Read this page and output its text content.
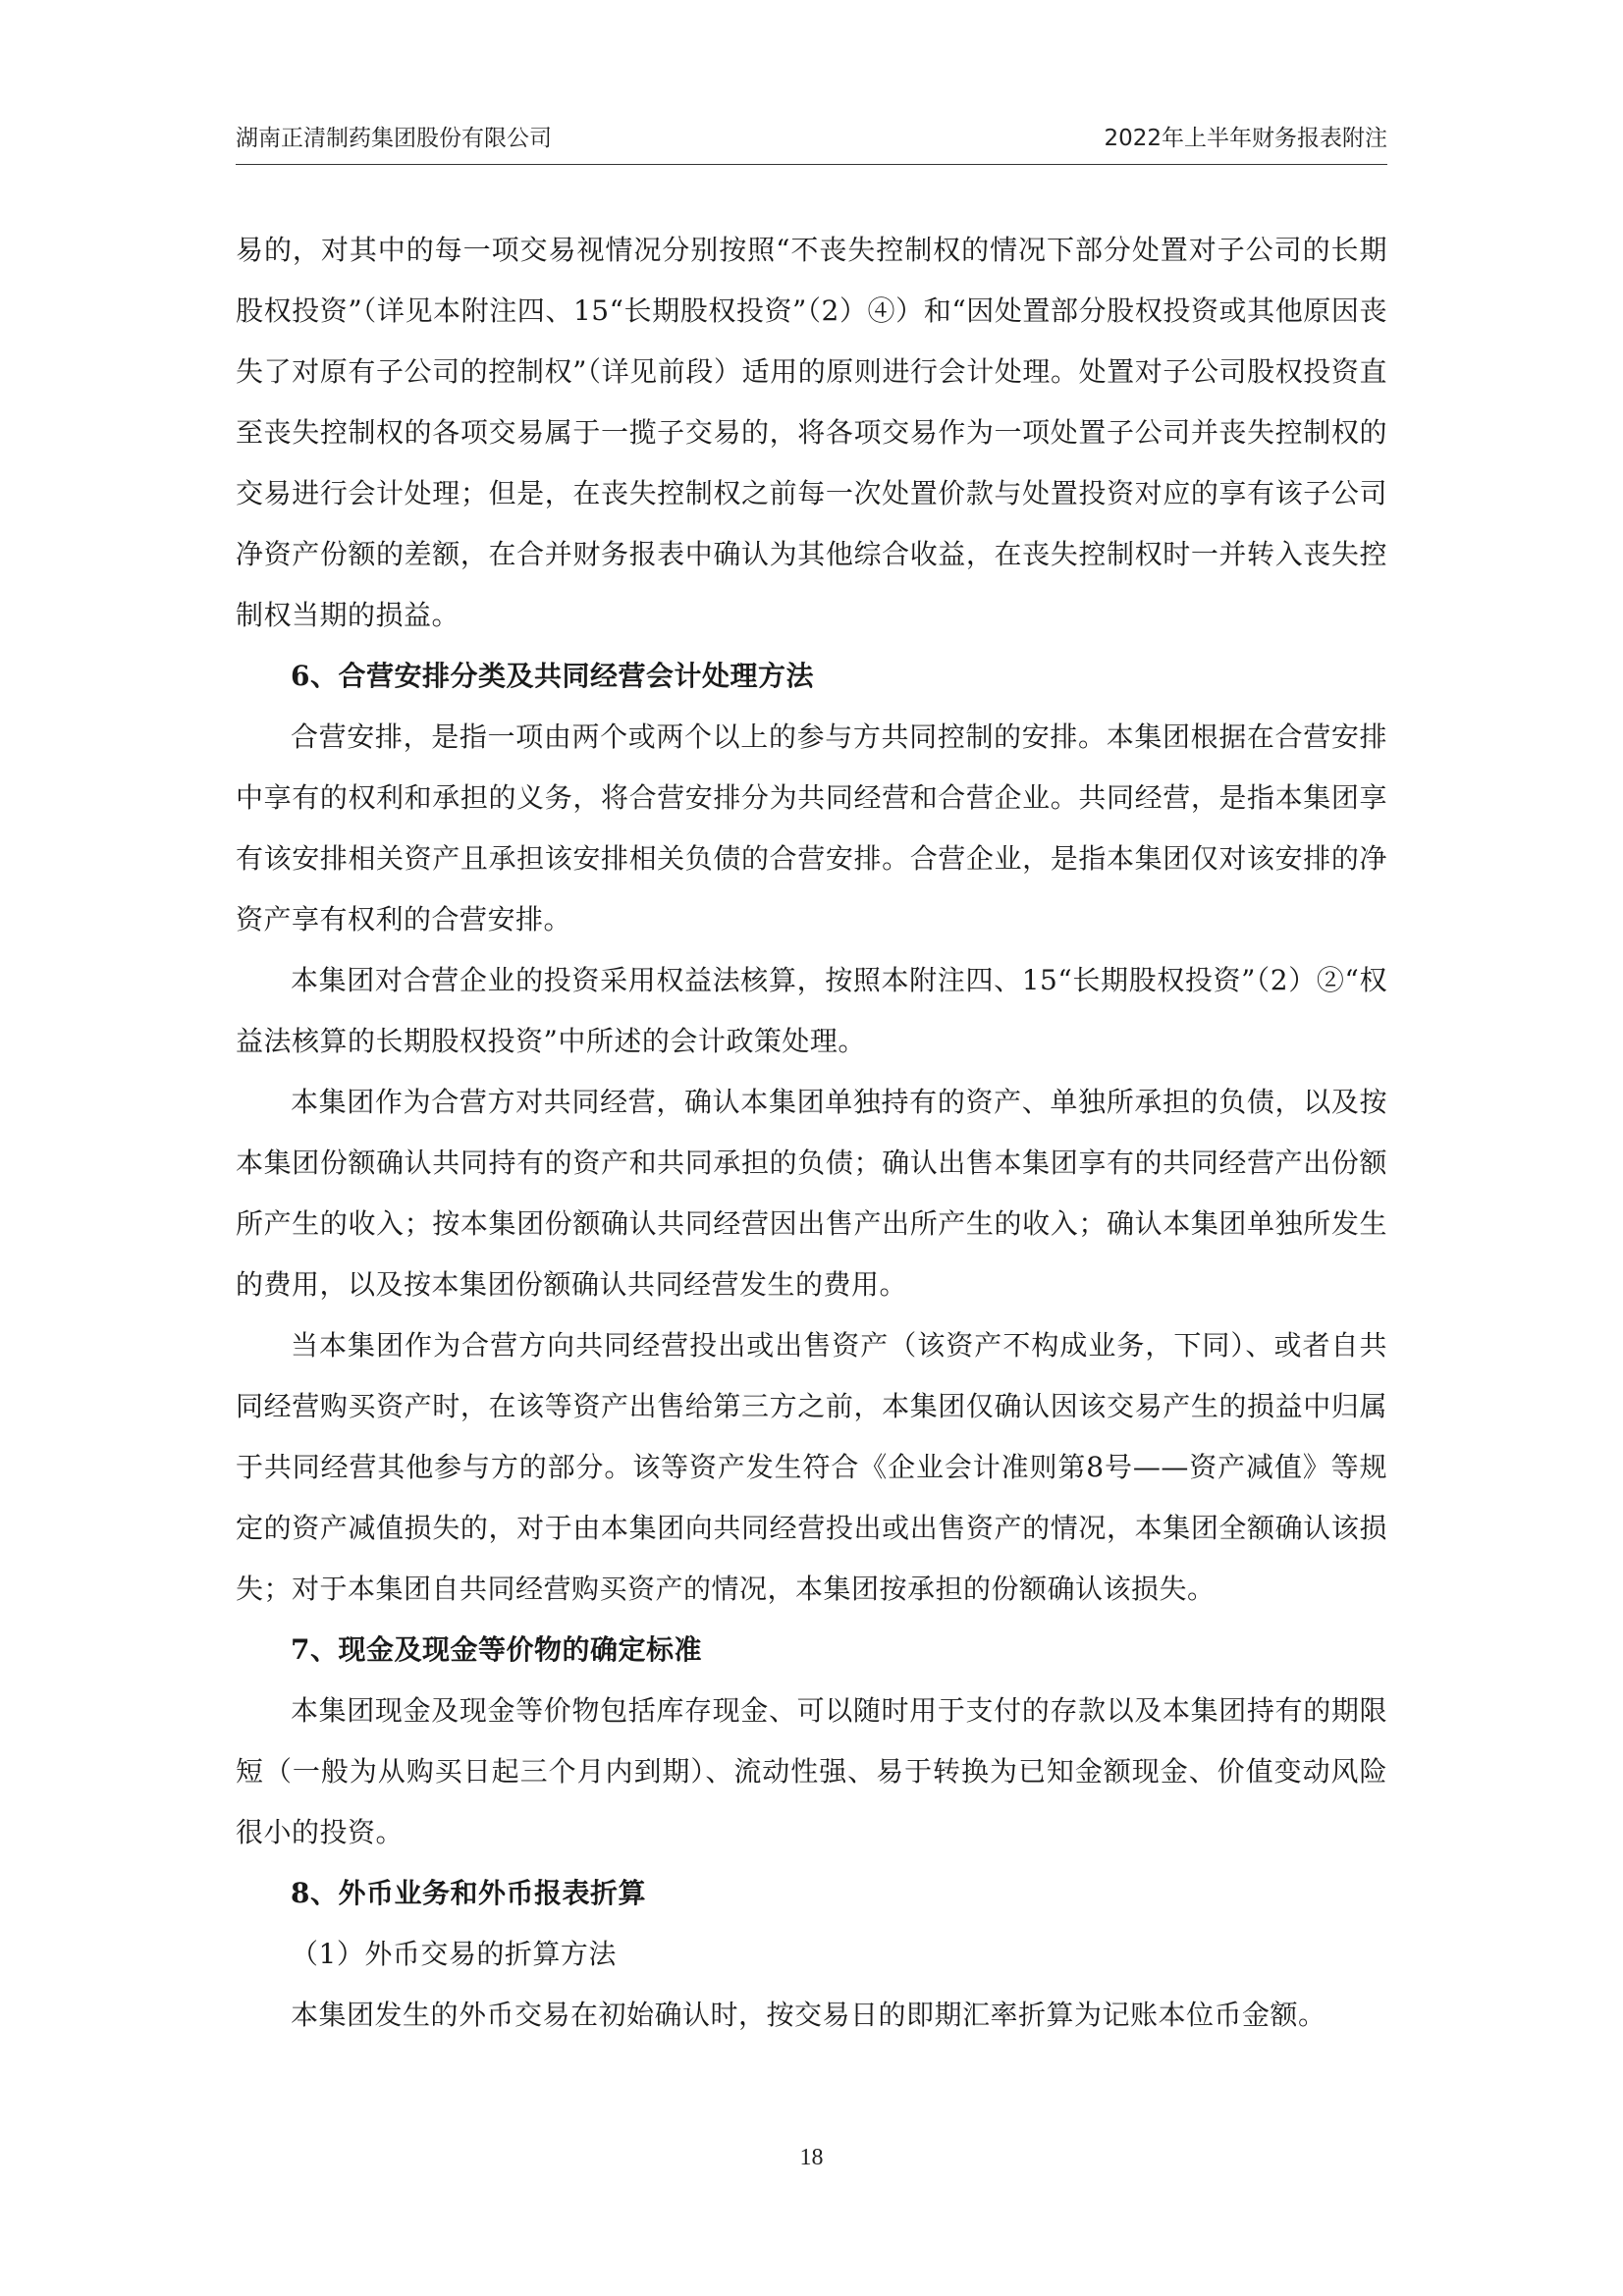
湖南正清制药集团股份有限公司	2022年上半年财务报表附注

易的，对其中的每一项交易视情况分别按照“不丧失控制权的情况下部分处置对子公司的长期股权投资”（详见本附注四、15“长期股权投资”（2）④）和“因处置部分股权投资或其他原因丧失了对原有子公司的控制权”（详见前段）适用的原则进行会计处理。处置对子公司股权投资直至丧失控制权的各项交易属于一揽子交易的，将各项交易作为一项处置子公司并丧失控制权的交易进行会计处理；但是，在丧失控制权之前每一次处置价款与处置投资对应的享有该子公司净资产份额的差额，在合并财务报表中确认为其他综合收益，在丧失控制权时一并转入丧失控制权当期的损益。

6、合营安排分类及共同经营会计处理方法

合营安排，是指一项由两个或两个以上的参与方共同控制的安排。本集团根据在合营安排中享有的权利和承担的义务，将合营安排分为共同经营和合营企业。共同经营，是指本集团享有该安排相关资产且承担该安排相关负债的合营安排。合营企业，是指本集团仅对该安排的净资产享有权利的合营安排。

本集团对合营企业的投资采用权益法核算，按照本附注四、15“长期股权投资”（2）②“权益法核算的长期股权投资”中所述的会计政策处理。

本集团作为合营方对共同经营，确认本集团单独持有的资产、单独所承担的负债，以及按本集团份额确认共同持有的资产和共同承担的负债；确认出售本集团享有的共同经营产出份额所产生的收入；按本集团份额确认共同经营因出售产出所产生的收入；确认本集团单独所发生的费用，以及按本集团份额确认共同经营发生的费用。

当本集团作为合营方向共同经营投出或出售资产（该资产不构成业务，下同）、或者自共同经营购买资产时，在该等资产出售给第三方之前，本集团仅确认因该交易产生的损益中归属于共同经营其他参与方的部分。该等资产发生符合《企业会计准则第8号——资产减值》等规定的资产减值损失的，对于由本集团向共同经营投出或出售资产的情况，本集团全额确认该损失；对于本集团自共同经营购买资产的情况，本集团按承担的份额确认该损失。

7、现金及现金等价物的确定标准

本集团现金及现金等价物包括库存现金、可以随时用于支付的存款以及本集团持有的期限短（一般为从购买日起三个月内到期）、流动性强、易于转换为已知金额现金、价值变动风险很小的投资。

8、外币业务和外币报表折算

（1）外币交易的折算方法

本集团发生的外币交易在初始确认时，按交易日的即期汇率折算为记账本位币金额。

18
